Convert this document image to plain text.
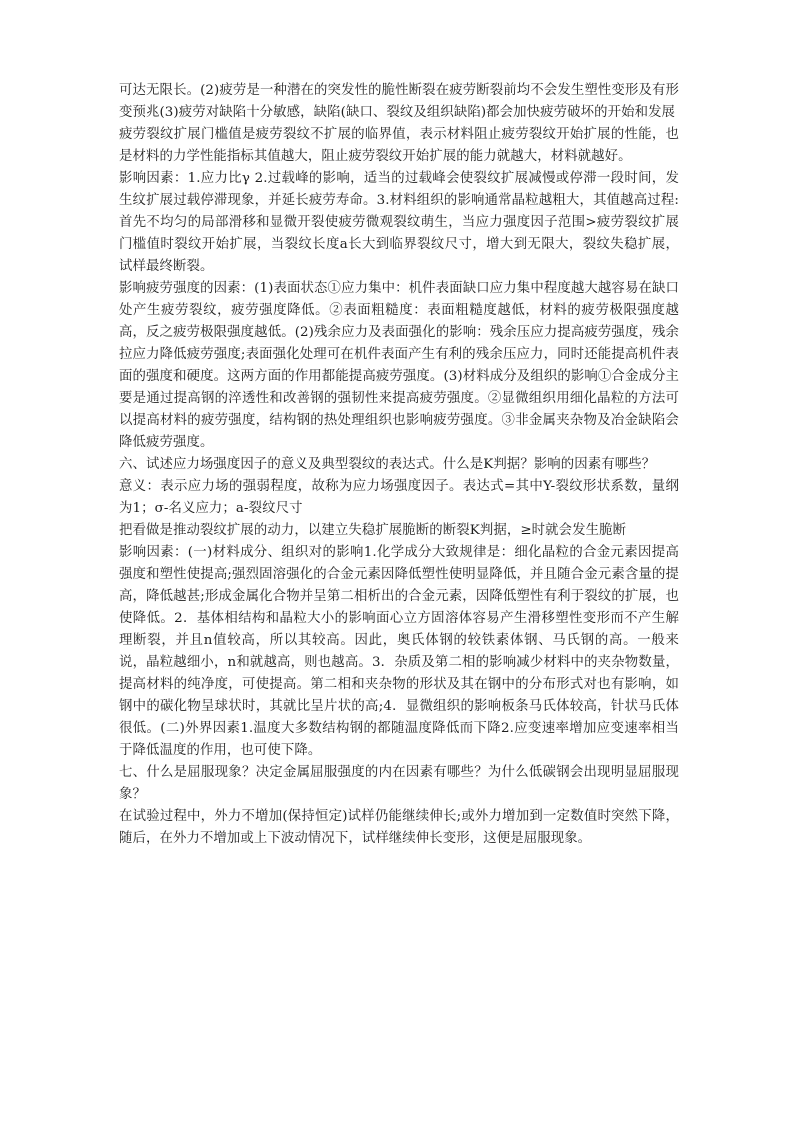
可达无限长。(2)疲劳是一种潜在的突发性的脆性断裂在疲劳断裂前均不会发生塑性变形及有形变预兆(3)疲劳对缺陷十分敏感，缺陷(缺口、裂纹及组织缺陷)都会加快疲劳破坏的开始和发展

疲劳裂纹扩展门槛值是疲劳裂纹不扩展的临界值，表示材料阻止疲劳裂纹开始扩展的性能，也是材料的力学性能指标其值越大，阻止疲劳裂纹开始扩展的能力就越大，材料就越好。

影响因素：1.应力比γ 2.过载峰的影响，适当的过载峰会使裂纹扩展减慢或停滞一段时间，发生纹扩展过载停滞现象，并延长疲劳寿命。3.材料组织的影响通常晶粒越粗大，其值越高过程:首先不均匀的局部滑移和显微开裂使疲劳微观裂纹萌生，当应力强度因子范围>疲劳裂纹扩展门槛值时裂纹开始扩展，当裂纹长度a长大到临界裂纹尺寸，增大到无限大，裂纹失稳扩展，试样最终断裂。

影响疲劳强度的因素：(1)表面状态①应力集中：机件表面缺口应力集中程度越大越容易在缺口处产生疲劳裂纹，疲劳强度降低。②表面粗糙度：表面粗糙度越低，材料的疲劳极限强度越高，反之疲劳极限强度越低。(2)残余应力及表面强化的影响：残余压应力提高疲劳强度，残余拉应力降低疲劳强度;表面强化处理可在机件表面产生有利的残余压应力，同时还能提高机件表面的强度和硬度。这两方面的作用都能提高疲劳强度。(3)材料成分及组织的影响①合金成分主要是通过提高钢的淬透性和改善钢的强韧性来提高疲劳强度。②显微组织用细化晶粒的方法可以提高材料的疲劳强度，结构钢的热处理组织也影响疲劳强度。③非金属夹杂物及冶金缺陷会降低疲劳强度。

六、试述应力场强度因子的意义及典型裂纹的表达式。什么是K判据？影响的因素有哪些？

意义：表示应力场的强弱程度，故称为应力场强度因子。表达式=其中Y-裂纹形状系数，量纲为1；σ-名义应力；a-裂纹尺寸

把看做是推动裂纹扩展的动力，以建立失稳扩展脆断的断裂K判据，≥时就会发生脆断

影响因素：(一)材料成分、组织对的影响1.化学成分大致规律是：细化晶粒的合金元素因提高强度和塑性使提高;强烈固溶强化的合金元素因降低塑性使明显降低，并且随合金元素含量的提高，降低越甚;形成金属化合物并呈第二相析出的合金元素，因降低塑性有利于裂纹的扩展，也使降低。2．基体相结构和晶粒大小的影响面心立方固溶体容易产生滑移塑性变形而不产生解理断裂，并且n值较高，所以其较高。因此，奥氏体钢的较铁素体钢、马氏钢的高。一般来说，晶粒越细小，n和就越高，则也越高。3．杂质及第二相的影响减少材料中的夹杂物数量，提高材料的纯净度，可使提高。第二相和夹杂物的形状及其在钢中的分布形式对也有影响，如钢中的碳化物呈球状时，其就比呈片状的高;4．显微组织的影响板条马氏体较高，针状马氏体很低。(二)外界因素1.温度大多数结构钢的都随温度降低而下降2.应变速率增加应变速率相当于降低温度的作用，也可使下降。

七、什么是屈服现象？决定金属屈服强度的内在因素有哪些？为什么低碳钢会出现明显屈服现象？

在试验过程中，外力不增加(保持恒定)试样仍能继续伸长;或外力增加到一定数值时突然下降，随后，在外力不增加或上下波动情况下，试样继续伸长变形，这便是屈服现象。
